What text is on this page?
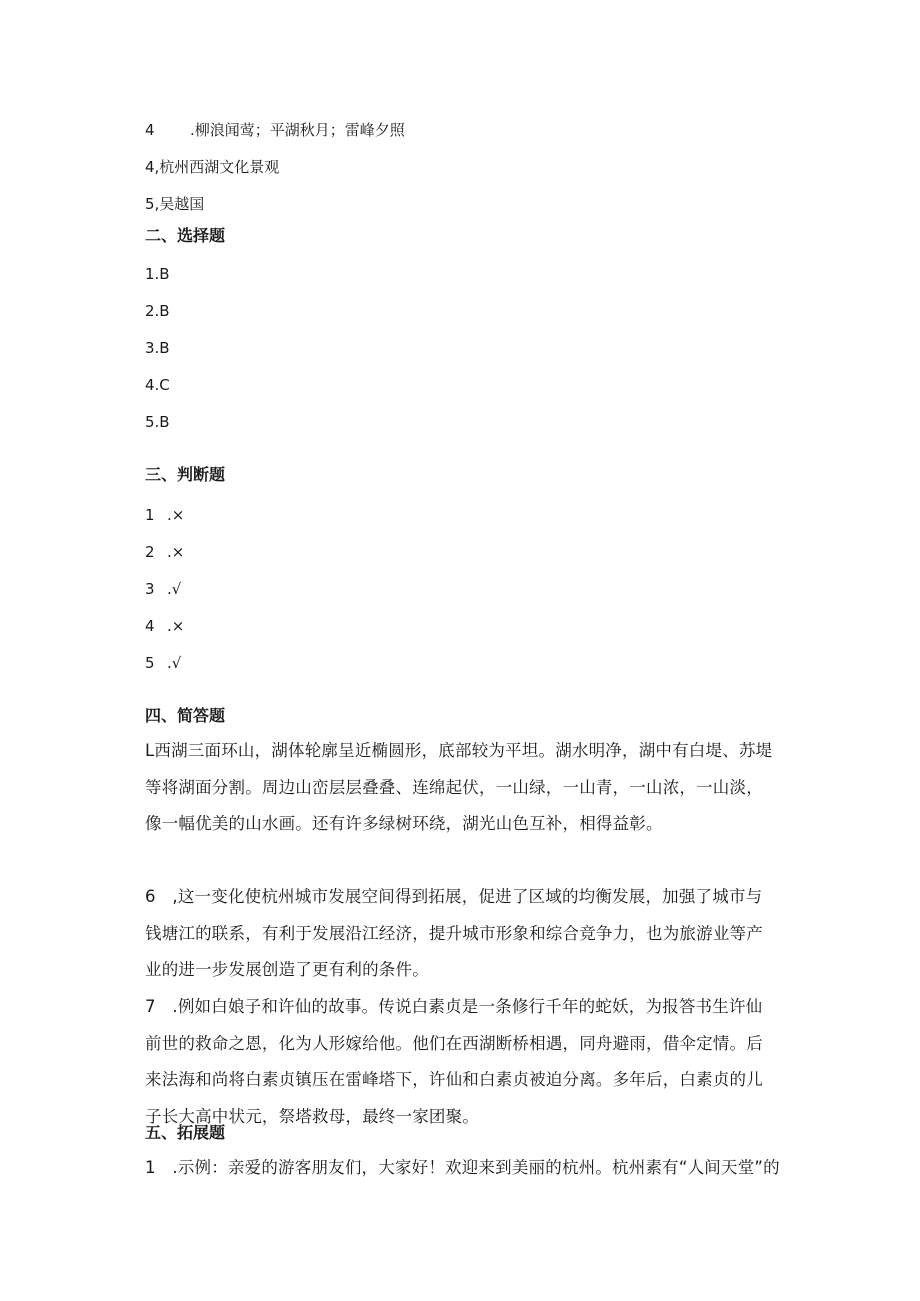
4 .柳浪闻莺；平湖秋月；雷峰夕照
4,杭州西湖文化景观
5,吴越国
二、选择题
1.B
2.B
3.B
4.C
5.B
三、判断题
1 .×
2 .×
3 .√
4 .×
5 .√
四、简答题
L西湖三面环山，湖体轮廓呈近椭圆形，底部较为平坦。湖水明净，湖中有白堤、苏堤等将湖面分割。周边山峦层层叠叠、连绵起伏，一山绿，一山青，一山浓，一山淡，像一幅优美的山水画。还有许多绿树环绕，湖光山色互补，相得益彰。
6　,这一变化使杭州城市发展空间得到拓展，促进了区域的均衡发展，加强了城市与钱塘江的联系，有利于发展沿江经济，提升城市形象和综合竞争力，也为旅游业等产业的进一步发展创造了更有利的条件。
7　.例如白娘子和许仙的故事。传说白素贞是一条修行千年的蛇妖，为报答书生许仙前世的救命之恩，化为人形嫁给他。他们在西湖断桥相遇，同舟避雨，借伞定情。后来法海和尚将白素贞镇压在雷峰塔下，许仙和白素贞被迫分离。多年后，白素贞的儿子长大高中状元，祭塔救母，最终一家团聚。
五、拓展题
1　.示例：亲爱的游客朋友们，大家好！欢迎来到美丽的杭州。杭州素有“人间天堂”的
